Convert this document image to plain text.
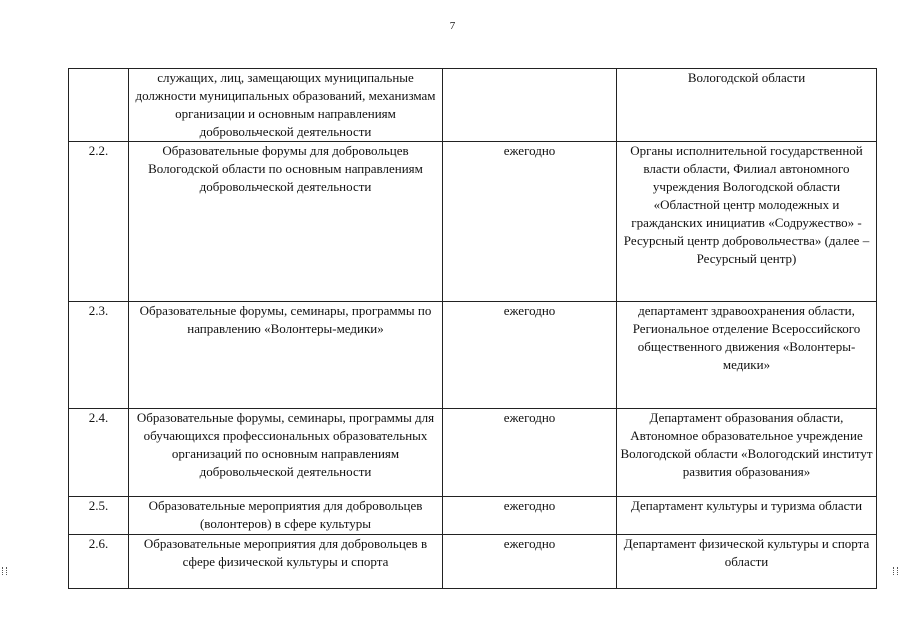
7
	служащих, лиц, замещающих муниципальные должности муниципальных образований, механизмам организации и основным направлениям добровольческой деятельности		Вологодской области
2.2.	Образовательные форумы для добровольцев Вологодской области по основным направлениям добровольческой деятельности	ежегодно	Органы исполнительной государственной власти области, Филиал автономного учреждения Вологодской области «Областной центр молодежных и гражданских инициатив «Содружество» - Ресурсный центр добровольчества» (далее – Ресурсный центр)
2.3.	Образовательные форумы, семинары, программы по направлению «Волонтеры-медики»	ежегодно	департамент здравоохранения области, Региональное отделение Всероссийского общественного движения «Волонтеры-медики»
2.4.	Образовательные форумы, семинары, программы для обучающихся профессиональных образовательных организаций по основным направлениям добровольческой деятельности	ежегодно	Департамент образования области, Автономное образовательное учреждение Вологодской области «Вологодский институт развития образования»
2.5.	Образовательные мероприятия для добровольцев (волонтеров) в сфере культуры	ежегодно	Департамент культуры и туризма области
2.6.	Образовательные мероприятия для добровольцев в сфере физической культуры и спорта	ежегодно	Департамент физической культуры и спорта области
